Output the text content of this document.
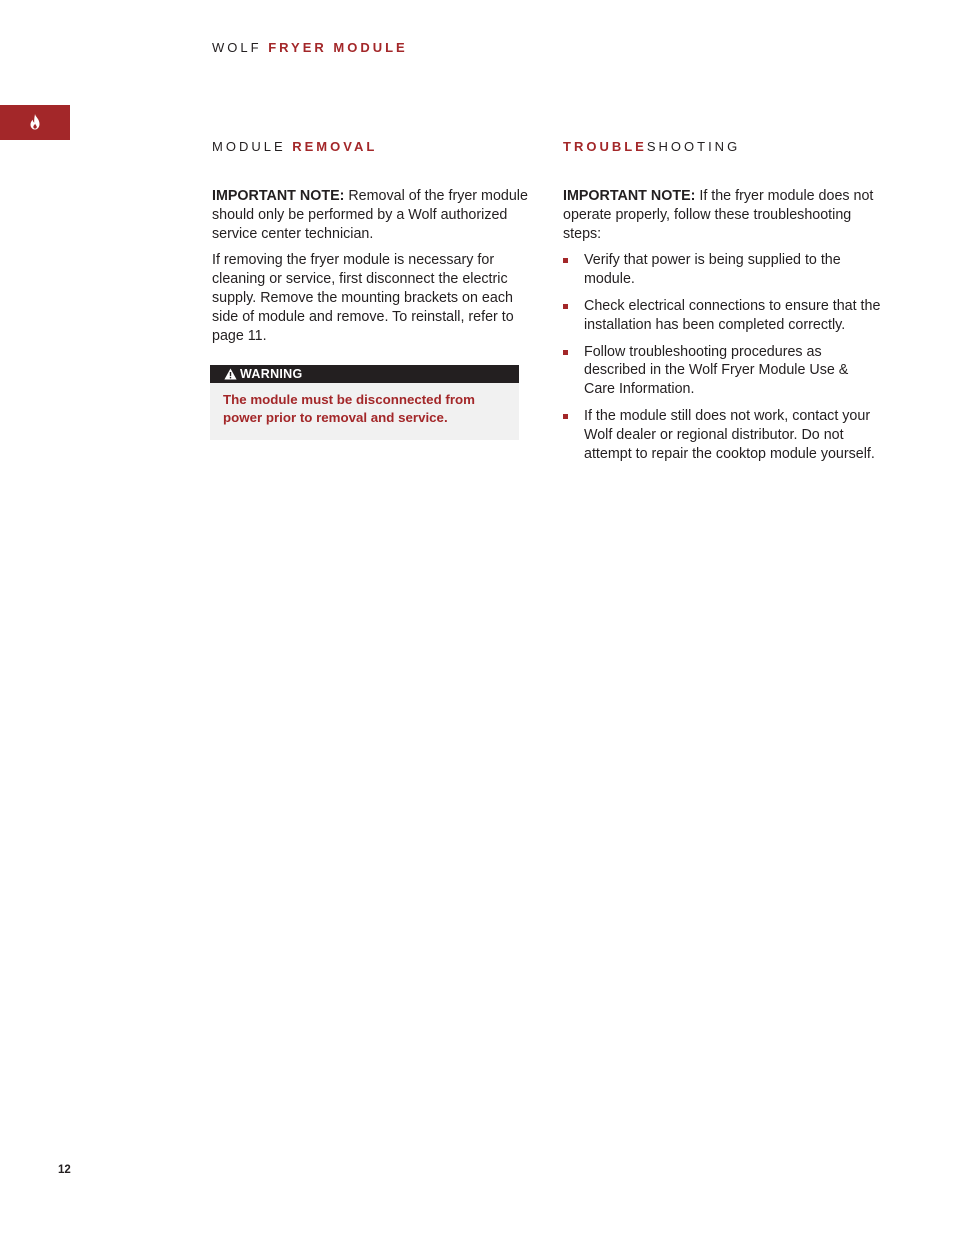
WOLF FRYER MODULE
MODULE REMOVAL

IMPORTANT NOTE: Removal of the fryer module should only be performed by a Wolf authorized service center technician.

If removing the fryer module is necessary for cleaning or service, first disconnect the electric supply. Remove the mounting brackets on each side of module and remove. To reinstall, refer to page 11.

WARNING
The module must be disconnected from power prior to removal and service.
TROUBLESHOOTING

IMPORTANT NOTE: If the fryer module does not operate properly, follow these troubleshooting steps:

Verify that power is being supplied to the module.
Check electrical connections to ensure that the installation has been completed correctly.
Follow troubleshooting procedures as described in the Wolf Fryer Module Use & Care Information.
If the module still does not work, contact your Wolf dealer or regional distributor. Do not attempt to repair the cooktop module yourself.
12
